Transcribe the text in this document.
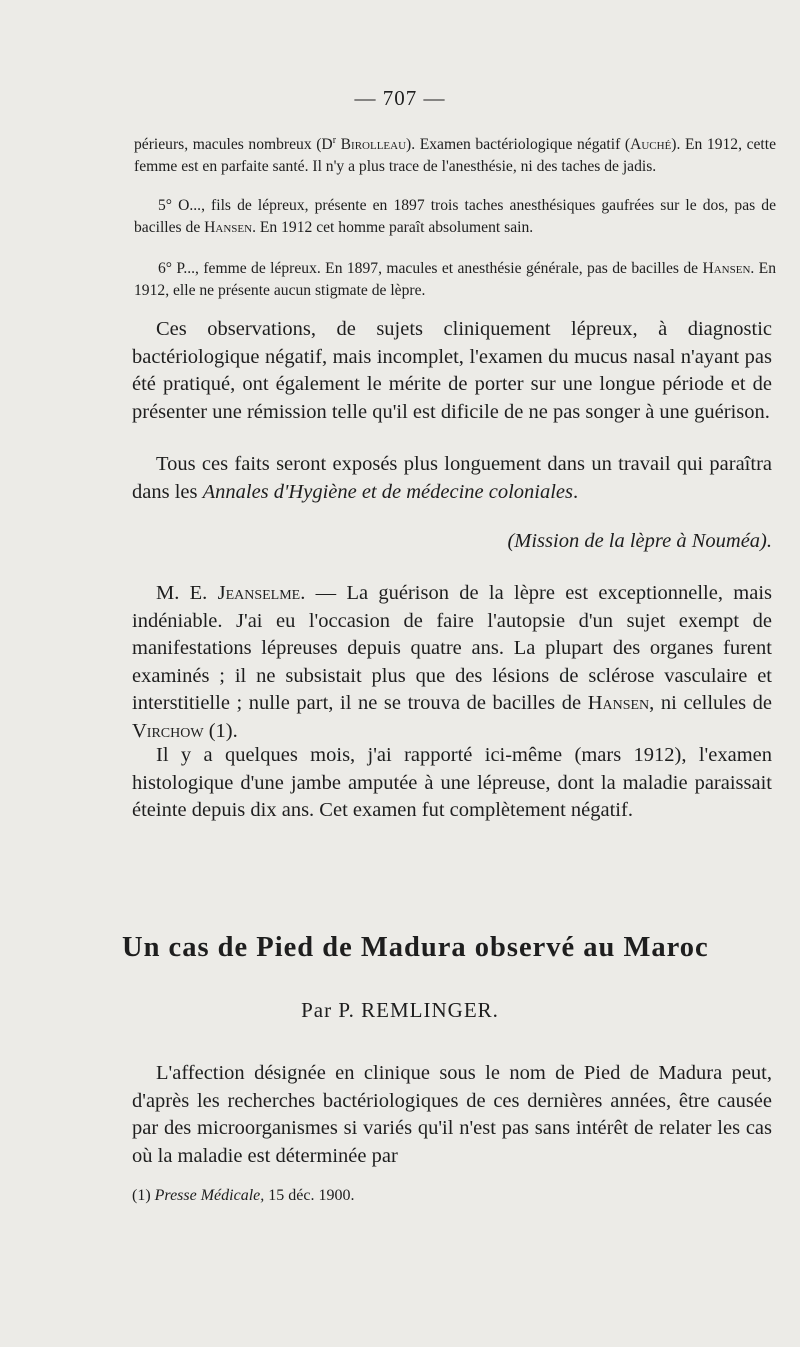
— 707 —

périeurs, macules nombreux ($D^r$ Birolleau). Examen bactériologique négatif (Auché). En 1912, cette femme est en parfaite santé. Il n'y a plus trace de l'anesthésie, ni des taches de jadis.

5° O..., fils de lépreux, présente en 1897 trois taches anesthésiques gaufrées sur le dos, pas de bacilles de Hansen. En 1912 cet homme paraît absolument sain.

6° P..., femme de lépreux. En 1897, macules et anesthésie générale, pas de bacilles de Hansen. En 1912, elle ne présente aucun stigmate de lèpre.

Ces observations, de sujets cliniquement lépreux, à diagnostic bactériologique négatif, mais incomplet, l'examen du mucus nasal n'ayant pas été pratiqué, ont également le mérite de porter sur une longue période et de présenter une rémission telle qu'il est dificile de ne pas songer à une guérison.

Tous ces faits seront exposés plus longuement dans un travail qui paraîtra dans les Annales d'Hygiène et de médecine coloniales.

(Mission de la lèpre à Nouméa).

M. E. Jeanselme. — La guérison de la lèpre est exceptionnelle, mais indéniable. J'ai eu l'occasion de faire l'autopsie d'un sujet exempt de manifestations lépreuses depuis quatre ans. La plupart des organes furent examinés ; il ne subsistait plus que des lésions de sclérose vasculaire et interstitielle ; nulle part, il ne se trouva de bacilles de Hansen, ni cellules de Virchow (1).

Il y a quelques mois, j'ai rapporté ici-même (mars 1912), l'examen histologique d'une jambe amputée à une lépreuse, dont la maladie paraissait éteinte depuis dix ans. Cet examen fut complètement négatif.

Un cas de Pied de Madura observé au Maroc
Par P. REMLINGER.

L'affection désignée en clinique sous le nom de Pied de Madura peut, d'après les recherches bactériologiques de ces dernières années, être causée par des microorganismes si variés qu'il n'est pas sans intérêt de relater les cas où la maladie est déterminée par

(1) Presse Médicale, 15 déc. 1900.
